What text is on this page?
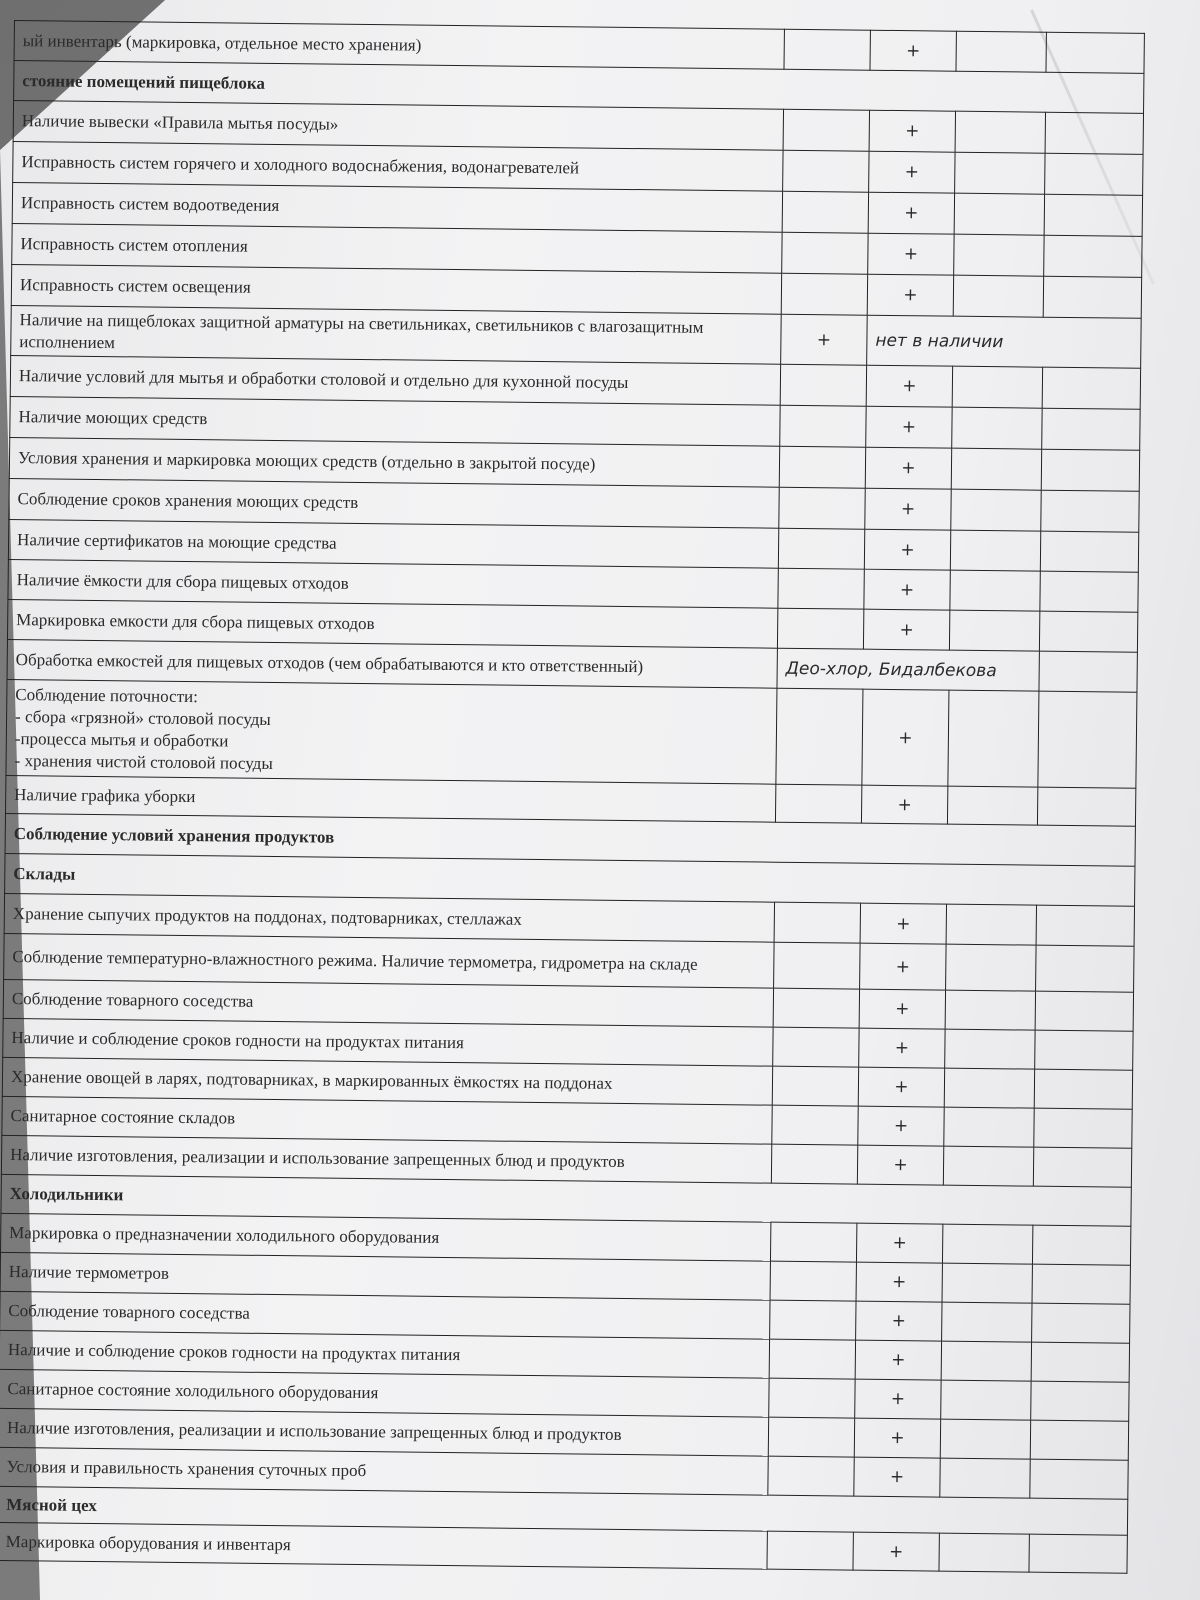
ый инвентарь (маркировка, отдельное место хранения)		+		
стояние помещений пищеблока				
Наличие вывески «Правила мытья посуды»		+		
Исправность систем горячего и холодного водоснабжения, водонагревателей		+		
Исправность систем водоотведения		+		
Исправность систем отопления		+		
Исправность систем освещения		+		
Наличие на пищеблоках защитной арматуры на светильниках, светильников с влагозащитным исполнением	+	нет в наличии		
Наличие условий для мытья и обработки столовой и отдельно для кухонной посуды		+		
Наличие моющих средств		+		
Условия хранения и маркировка моющих средств (отдельно в закрытой посуде)		+		
Соблюдение сроков хранения моющих средств		+		
Наличие сертификатов на моющие средства		+		
Наличие ёмкости для сбора пищевых отходов		+		
Маркировка емкости для сбора пищевых отходов		+		
Обработка емкостей для пищевых отходов (чем обрабатываются и кто ответственный)	Део-хлор, Бидалбекова			
Соблюдение поточности:
- сбора «грязной» столовой посуды
-процесса мытья и обработки
- хранения чистой столовой посуды		+		
Наличие графика уборки		+		
Соблюдение условий хранения продуктов				
Склады				
Хранение сыпучих продуктов на поддонах, подтоварниках, стеллажах		+		
Соблюдение температурно-влажностного режима. Наличие термометра, гидрометра на складе		+		
Соблюдение товарного соседства		+		
Наличие и соблюдение сроков годности на продуктах питания		+		
Хранение овощей в ларях, подтоварниках, в маркированных ёмкостях на поддонах		+		
Санитарное состояние складов		+		
Наличие изготовления, реализации и использование запрещенных блюд и продуктов		+		
Холодильники				
Маркировка о предназначении холодильного оборудования		+		
Наличие термометров		+		
Соблюдение товарного соседства		+		
Наличие и соблюдение сроков годности на продуктах питания		+		
Санитарное состояние холодильного оборудования		+		
Наличие изготовления, реализации и использование запрещенных блюд и продуктов		+		
Условия и правильность хранения суточных проб		+		
Мясной цех				
Маркировка оборудования и инвентаря		+		
